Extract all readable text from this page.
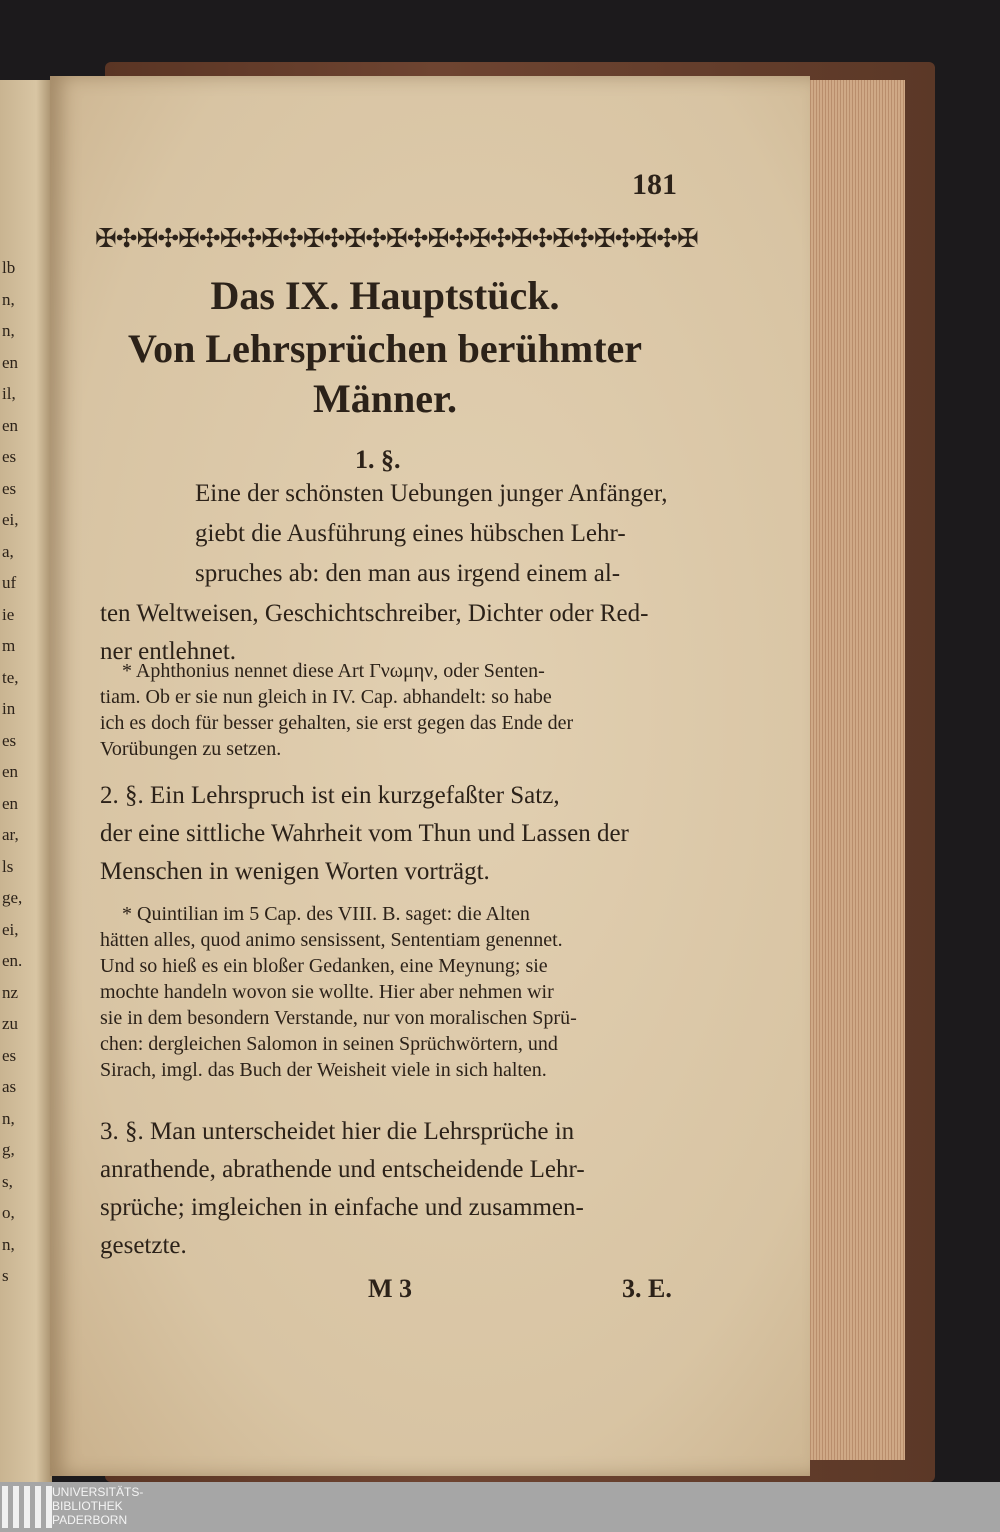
181
✠✣✠✣✠✣✠✣✠✣✠✣✠✣✠✣✠✣✠✣✠✣✠✣✠✣✠✣✠
Das IX. Hauptstück.
Von Lehrsprüchen berühmter
Männer.
1. §.
Eine der schönsten Uebungen junger Anfänger,
giebt die Ausführung eines hübschen Lehr-
spruches ab: den man aus irgend einem al-
ten Weltweisen, Geschichtschreiber, Dichter oder Red-
ner entlehnet.
* Aphthonius nennet diese Art Γνωμην, oder Senten-
tiam. Ob er sie nun gleich in IV. Cap. abhandelt: so habe
ich es doch für besser gehalten, sie erst gegen das Ende der
Vorübungen zu setzen.
2. §. Ein Lehrspruch ist ein kurzgefaßter Satz,
der eine sittliche Wahrheit vom Thun und Lassen der
Menschen in wenigen Worten vorträgt.
* Quintilian im 5 Cap. des VIII. B. saget: die Alten
hätten alles, quod animo sensissent, Sententiam genennet.
Und so hieß es ein bloßer Gedanken, eine Meynung; sie
mochte handeln wovon sie wollte. Hier aber nehmen wir
sie in dem besondern Verstande, nur von moralischen Sprü-
chen: dergleichen Salomon in seinen Sprüchwörtern, und
Sirach, imgl. das Buch der Weisheit viele in sich halten.
3. §. Man unterscheidet hier die Lehrsprüche in
anrathende, abrathende und entscheidende Lehr-
sprüche; imgleichen in einfache und zusammen-
gesetzte.
M 3	3. E.
UNIVERSITÄTS-
BIBLIOTHEK
PADERBORN
lb
n,
n,
en
il,
en
es
es
ei,
a,
uf
ie
m
te,
in
es
en
en
ar,
ls
ge,
ei,
en.
nz
zu
es
as
n,
g,
s,
o,
n,
s
